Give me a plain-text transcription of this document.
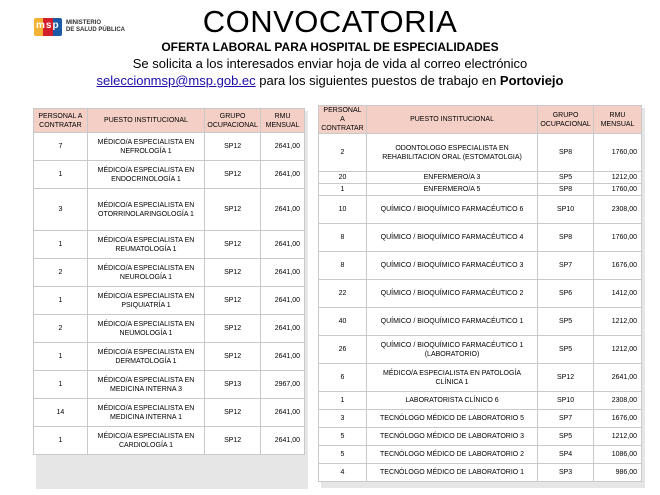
msp MINISTERIO
DE SALUD PÚBLICA	CONVOCATORIA
OFERTA LABORAL PARA HOSPITAL DE ESPECIALIDADES
Se solicita a los interesados enviar hoja de vida al correo electrónico
seleccionmsp@msp.gob.ec para los siguientes puestos de trabajo en Portoviejo
PERSONAL A CONTRATAR	PUESTO INSTITUCIONAL	GRUPO OCUPACIONAL	RMU MENSUAL
7	MÉDICO/A ESPECIALISTA EN NEFROLOGÍA 1	SP12	2641,00
1	MÉDICO/A ESPECIALISTA EN ENDOCRINOLOGÍA 1	SP12	2641,00
3	MÉDICO/A ESPECIALISTA EN OTORRINOLARINGOLOGÍA 1	SP12	2641,00
1	MÉDICO/A ESPECIALISTA EN REUMATOLOGÍA 1	SP12	2641,00
2	MÉDICO/A ESPECIALISTA EN NEUROLOGÍA 1	SP12	2641,00
1	MÉDICO/A ESPECIALISTA EN PSIQUIATRÍA 1	SP12	2641,00
2	MÉDICO/A ESPECIALISTA EN NEUMOLOGÍA 1	SP12	2641,00
1	MÉDICO/A ESPECIALISTA EN DERMATOLOGÍA 1	SP12	2641,00
1	MÉDICO/A ESPECIALISTA EN MEDICINA INTERNA 3	SP13	2967,00
14	MÉDICO/A ESPECIALISTA EN MEDICINA INTERNA 1	SP12	2641,00
1	MÉDICO/A ESPECIALISTA EN CARDIOLOGÍA 1	SP12	2641,00
PERSONAL A CONTRATAR	PUESTO INSTITUCIONAL	GRUPO OCUPACIONAL	RMU MENSUAL
2	ODONTOLOGO ESPECIALISTA EN REHABILITACION ORAL (ESTOMATOLGIA)	SP8	1760,00
20	ENFERMERO/A 3	SP5	1212,00
1	ENFERMERO/A 5	SP8	1760,00
10	QUÍMICO / BIOQUÍMICO FARMACÉUTICO 6	SP10	2308,00
8	QUÍMICO / BIOQUÍMICO FARMACÉUTICO 4	SP8	1760,00
8	QUÍMICO / BIOQUÍMICO FARMACÉUTICO 3	SP7	1676,00
22	QUÍMICO / BIOQUÍMICO FARMACÉUTICO 2	SP6	1412,00
40	QUÍMICO / BIOQUÍMICO FARMACÉUTICO 1	SP5	1212,00
26	QUÍMICO / BIOQUÍMICO FARMACÉUTICO 1 (LABORATORIO)	SP5	1212,00
6	MÉDICO/A ESPECIALISTA EN PATOLOGÍA CLÍNICA 1	SP12	2641,00
1	LABORATORISTA CLÍNICO 6	SP10	2308,00
3	TECNÓLOGO MÉDICO DE LABORATORIO 5	SP7	1676,00
5	TECNÓLOGO MÉDICO DE LABORATORIO 3	SP5	1212,00
5	TECNÓLOGO MÉDICO DE LABORATORIO 2	SP4	1086,00
4	TECNÓLOGO MÉDICO DE LABORATORIO 1	SP3	986,00
